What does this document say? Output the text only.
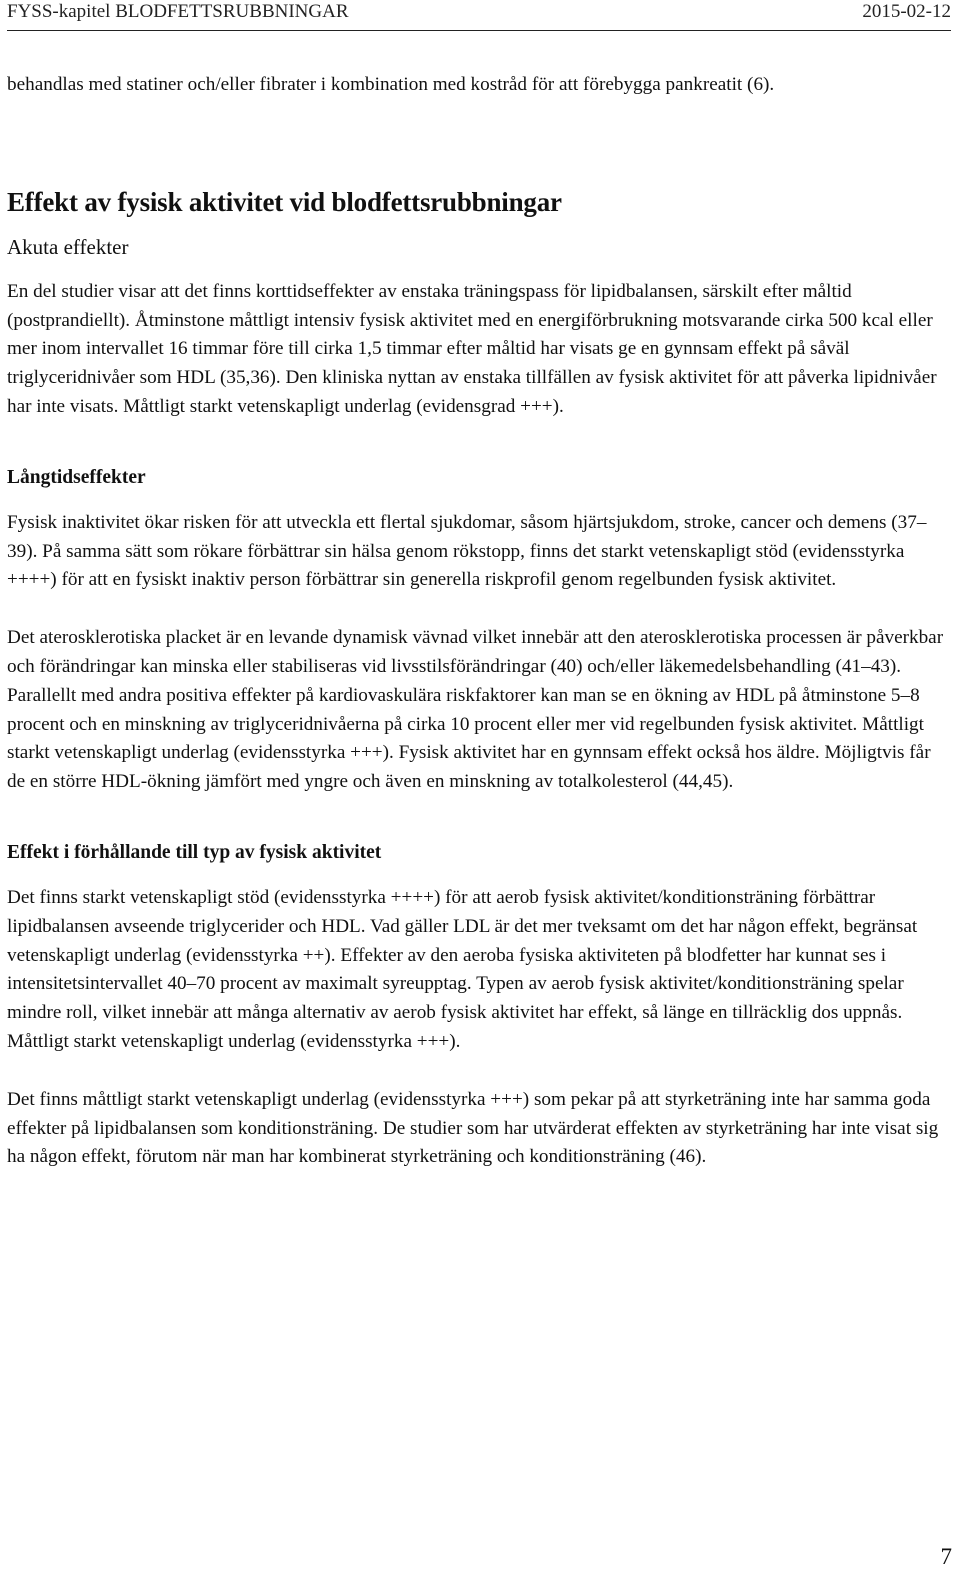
FYSS-kapitel BLODFETTSRUBBNINGAR	2015-02-12

behandlas med statiner och/eller fibrater i kombination med kostråd för att förebygga pankreatit (6).

Effekt av fysisk aktivitet vid blodfettsrubbningar
Akuta effekter

En del studier visar att det finns korttidseffekter av enstaka träningspass för lipidbalansen, särskilt efter måltid (postprandiellt). Åtminstone måttligt intensiv fysisk aktivitet med en energiförbrukning motsvarande cirka 500 kcal eller mer inom intervallet 16 timmar före till cirka 1,5 timmar efter måltid har visats ge en gynnsam effekt på såväl triglyceridnivåer som HDL (35,36). Den kliniska nyttan av enstaka tillfällen av fysisk aktivitet för att påverka lipidnivåer har inte visats. Måttligt starkt vetenskapligt underlag (evidensgrad +++).

Långtidseffekter

Fysisk inaktivitet ökar risken för att utveckla ett flertal sjukdomar, såsom hjärtsjukdom, stroke, cancer och demens (37–39). På samma sätt som rökare förbättrar sin hälsa genom rökstopp, finns det starkt vetenskapligt stöd (evidensstyrka ++++) för att en fysiskt inaktiv person förbättrar sin generella riskprofil genom regelbunden fysisk aktivitet.

Det aterosklerotiska placket är en levande dynamisk vävnad vilket innebär att den aterosklerotiska processen är påverkbar och förändringar kan minska eller stabiliseras vid livsstilsförändringar (40) och/eller läkemedelsbehandling (41–43). Parallellt med andra positiva effekter på kardiovaskulära riskfaktorer kan man se en ökning av HDL på åtminstone 5–8 procent och en minskning av triglyceridnivåerna på cirka 10 procent eller mer vid regelbunden fysisk aktivitet. Måttligt starkt vetenskapligt underlag (evidensstyrka +++). Fysisk aktivitet har en gynnsam effekt också hos äldre. Möjligtvis får de en större HDL-ökning jämfört med yngre och även en minskning av totalkolesterol (44,45).

Effekt i förhållande till typ av fysisk aktivitet

Det finns starkt vetenskapligt stöd (evidensstyrka ++++) för att aerob fysisk aktivitet/konditionsträning förbättrar lipidbalansen avseende triglycerider och HDL. Vad gäller LDL är det mer tveksamt om det har någon effekt, begränsat vetenskapligt underlag (evidensstyrka ++). Effekter av den aeroba fysiska aktiviteten på blodfetter har kunnat ses i intensitetsintervallet 40–70 procent av maximalt syreupptag. Typen av aerob fysisk aktivitet/konditionsträning spelar mindre roll, vilket innebär att många alternativ av aerob fysisk aktivitet har effekt, så länge en tillräcklig dos uppnås. Måttligt starkt vetenskapligt underlag (evidensstyrka +++).

Det finns måttligt starkt vetenskapligt underlag (evidensstyrka +++) som pekar på att styrketräning inte har samma goda effekter på lipidbalansen som konditionsträning. De studier som har utvärderat effekten av styrketräning har inte visat sig ha någon effekt, förutom när man har kombinerat styrketräning och konditionsträning (46).

7
